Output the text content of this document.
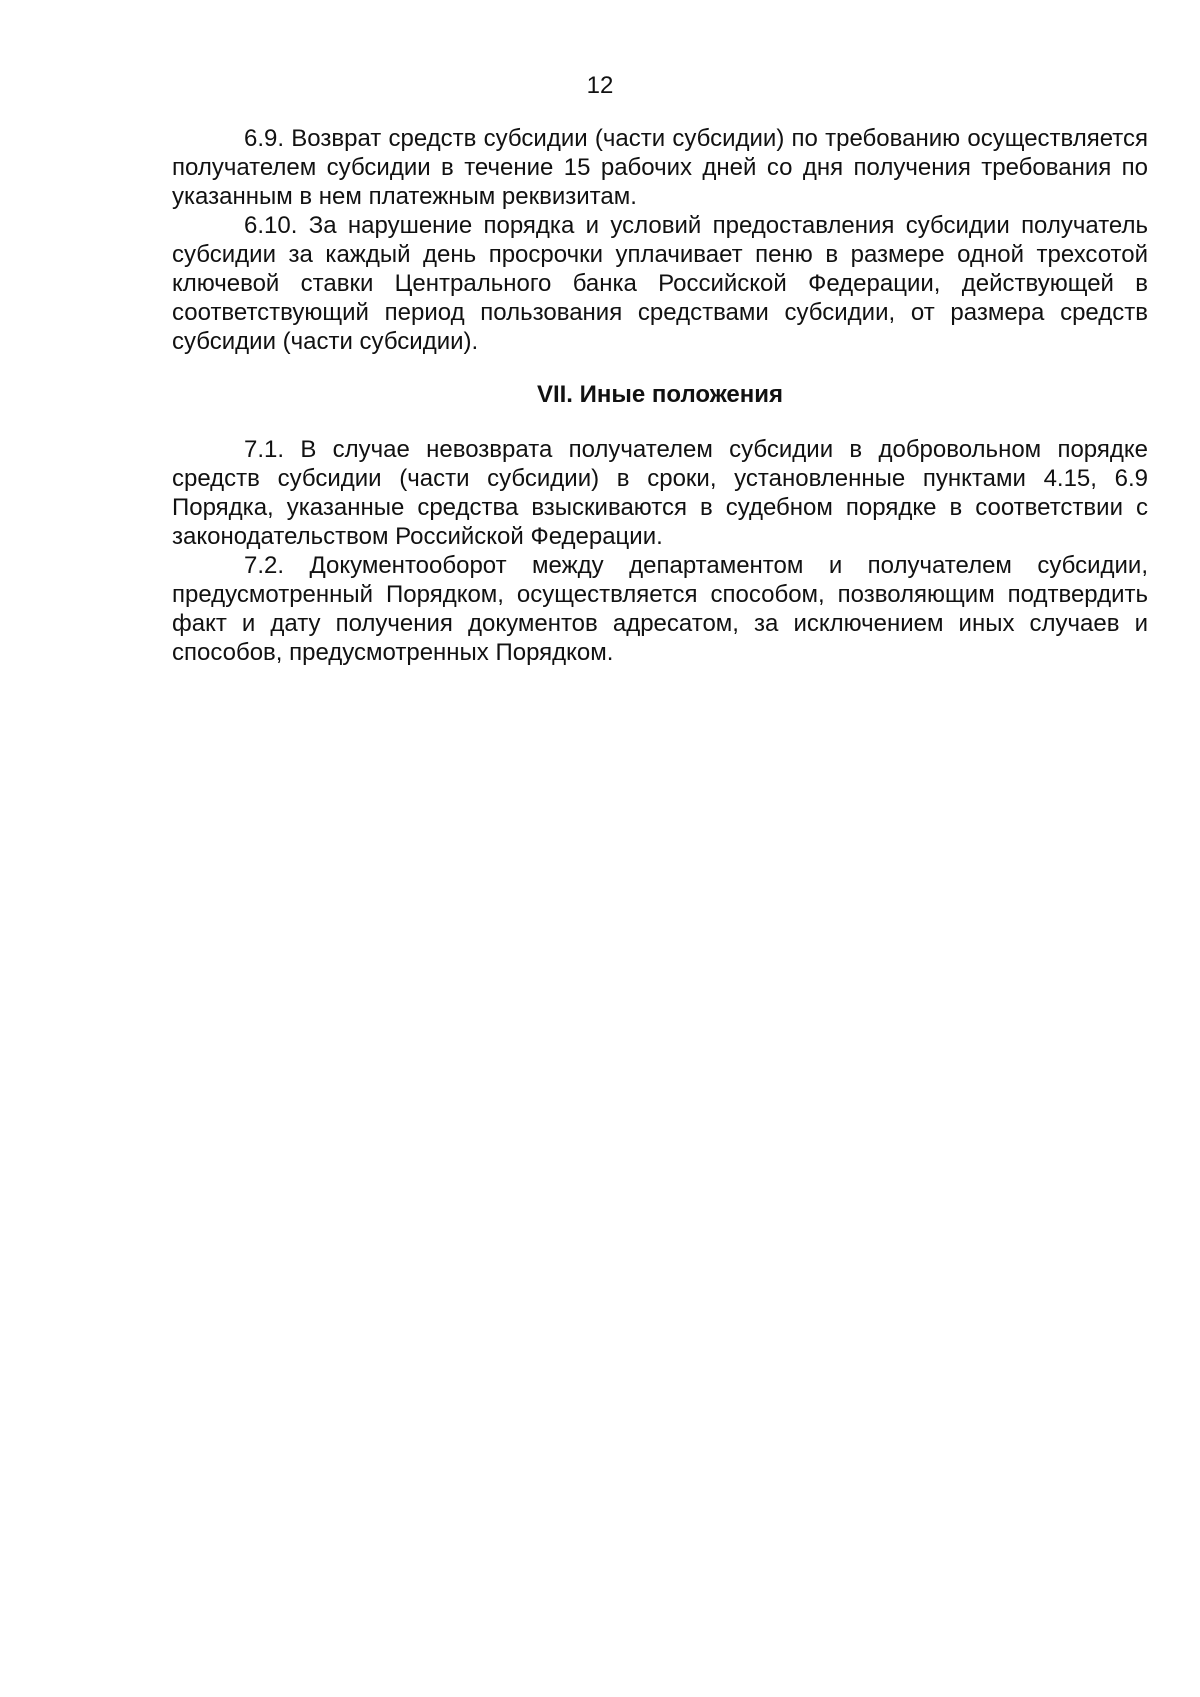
12

6.9. Возврат средств субсидии (части субсидии) по требованию осуществляется получателем субсидии в течение 15 рабочих дней со дня получения требования по указанным в нем платежным реквизитам.

6.10. За нарушение порядка и условий предоставления субсидии получатель субсидии за каждый день просрочки уплачивает пеню в размере одной трехсотой ключевой ставки Центрального банка Российской Федерации, действующей в соответствующий период пользования средствами субсидии, от размера средств субсидии (части субсидии).

VII. Иные положения

7.1. В случае невозврата получателем субсидии в добровольном порядке средств субсидии (части субсидии) в сроки, установленные пунктами 4.15, 6.9 Порядка, указанные средства взыскиваются в судебном порядке в соответствии с законодательством Российской Федерации.

7.2. Документооборот между департаментом и получателем субсидии, предусмотренный Порядком, осуществляется способом, позволяющим подтвердить факт и дату получения документов адресатом, за исключением иных случаев и способов, предусмотренных Порядком.
